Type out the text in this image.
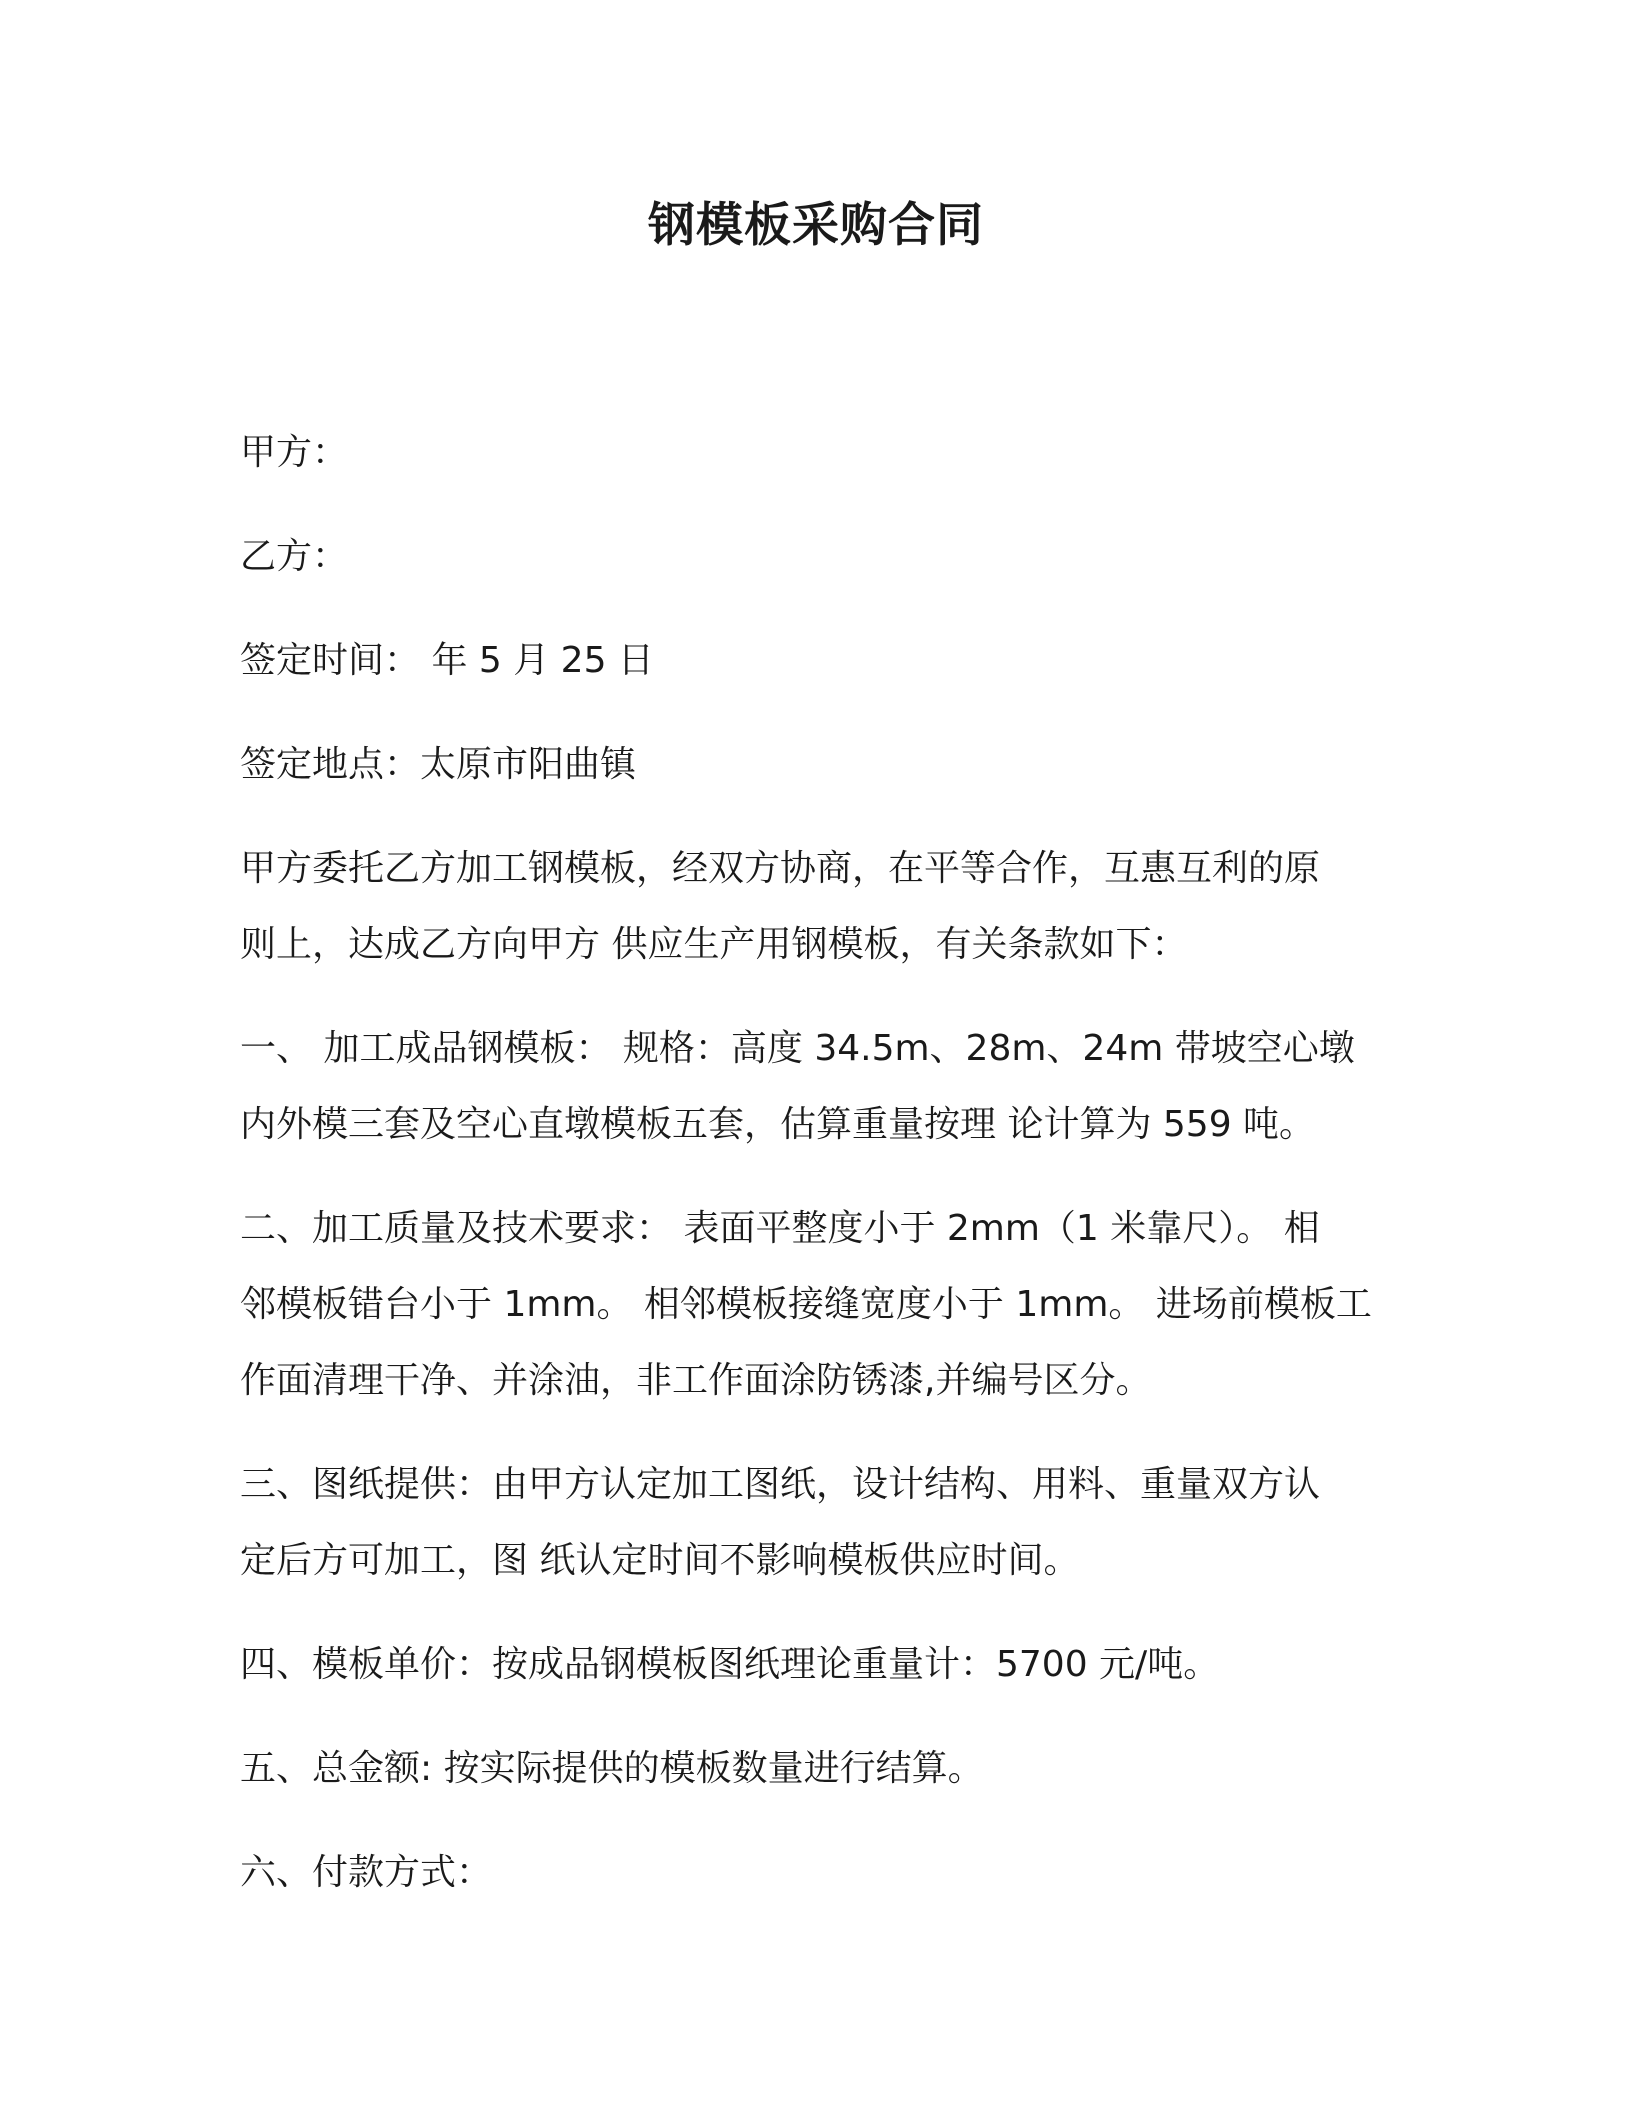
钢模板采购合同

甲方：

乙方：

签定时间： 年 5 月 25 日

签定地点：太原市阳曲镇

甲方委托乙方加工钢模板，经双方协商，在平等合作，互惠互利的原
则上，达成乙方向甲方 供应生产用钢模板，有关条款如下：

一、 加工成品钢模板： 规格：高度 34.5m、28m、24m 带坡空心墩
内外模三套及空心直墩模板五套，估算重量按理 论计算为 559 吨。

二、加工质量及技术要求： 表面平整度小于 2mm（1 米靠尺）。 相
邻模板错台小于 1mm。 相邻模板接缝宽度小于 1mm。 进场前模板工
作面清理干净、并涂油，非工作面涂防锈漆,并编号区分。

三、图纸提供：由甲方认定加工图纸，设计结构、用料、重量双方认
定后方可加工，图 纸认定时间不影响模板供应时间。

四、模板单价：按成品钢模板图纸理论重量计：5700 元/吨。

五、总金额: 按实际提供的模板数量进行结算。

六、付款方式：
